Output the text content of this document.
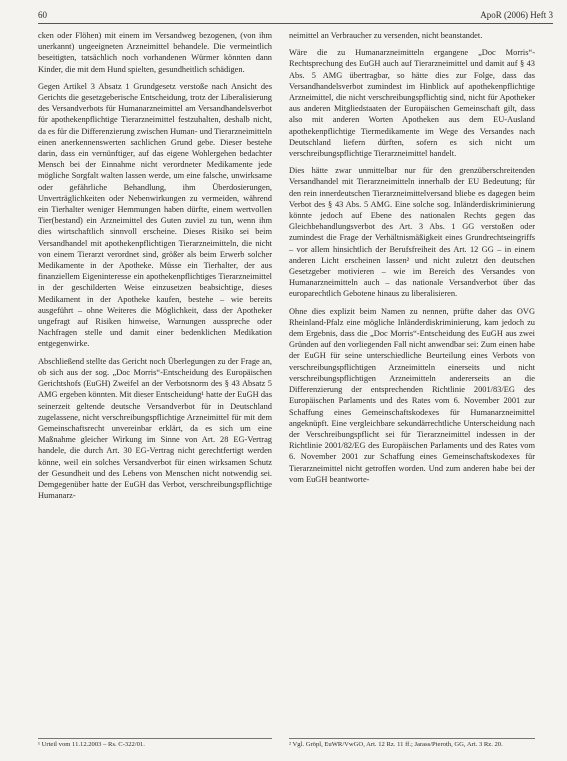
60	ApoR (2006) Heft 3

cken oder Flöhen) mit einem im Versandweg bezogenen, (von ihm unerkannt) ungeeigneten Arzneimittel behandele. Die vermeintlich beseitigten, tatsächlich noch vorhandenen Würmer könnten dann Kinder, die mit dem Hund spielten, gesundheitlich schädigen.

Gegen Artikel 3 Absatz 1 Grundgesetz verstoße nach Ansicht des Gerichts die gesetzgeberische Entscheidung, trotz der Liberalisierung des Versandverbots für Humanarzneimittel am Versandhandelsverbot für apothekenpflichtige Tierarzneimittel festzuhalten, deshalb nicht, da es für die Differenzierung zwischen Human- und Tierarzneimitteln einen anerkennenswerten sachlichen Grund gebe. Dieser bestehe darin, dass ein vernünftiger, auf das eigene Wohlergehen bedachter Mensch bei der Einnahme nicht verordneter Medikamente jede mögliche Sorgfalt walten lassen werde, um eine falsche, unwirksame oder gefährliche Behandlung, ihm Überdosierungen, Unverträglichkeiten oder Nebenwirkungen zu vermeiden, während ein Tierhalter weniger Hemmungen haben dürfte, einem wertvollen Tier(bestand) ein Arzneimittel des Guten zuviel zu tun, wenn ihm dies wirtschaftlich sinnvoll erscheine. Dieses Risiko sei beim Versandhandel mit apothekenpflichtigen Tierarzneimitteln, die nicht von einem Tierarzt verordnet sind, größer als beim Erwerb solcher Medikamente in der Apotheke. Müsse ein Tierhalter, der aus finanziellem Eigeninteresse ein apothekenpflichtiges Tierarzneimittel in der geschilderten Weise einzusetzen beabsichtige, dieses Medikament in der Apotheke kaufen, bestehe – wie bereits ausgeführt – ohne Weiteres die Möglichkeit, dass der Apotheker ungefragt auf Risiken hinweise, Warnungen ausspreche oder Nachfragen stelle und damit einer bedenklichen Medikation entgegenwirke.

Abschließend stellte das Gericht noch Überlegungen zu der Frage an, ob sich aus der sog. „Doc Morris“-Entscheidung des Europäischen Gerichtshofs (EuGH) Zweifel an der Verbotsnorm des § 43 Absatz 5 AMG ergeben könnten. Mit dieser Entscheidung¹ hatte der EuGH das seinerzeit geltende deutsche Versandverbot für in Deutschland zugelassene, nicht verschreibungspflichtige Arzneimittel für mit dem Gemeinschaftsrecht unvereinbar erklärt, da es sich um eine Maßnahme gleicher Wirkung im Sinne von Art. 28 EG-Vertrag handele, die durch Art. 30 EG-Vertrag nicht gerechtfertigt werden könne, weil ein solches Versandverbot für einen wirksamen Schutz der Gesundheit und des Lebens von Menschen nicht notwendig sei. Demgegenüber hatte der EuGH das Verbot, verschreibungspflichtige Humanarz-

neimittel an Verbraucher zu versenden, nicht beanstandet.

Wäre die zu Humanarzneimitteln ergangene „Doc Morris“-Rechtsprechung des EuGH auch auf Tierarzneimittel und damit auf § 43 Abs. 5 AMG übertragbar, so hätte dies zur Folge, dass das Versandhandelsverbot zumindest im Hinblick auf apothekenpflichtige Arzneimittel, die nicht verschreibungspflichtig sind, nicht für Apotheker aus anderen Mitgliedstaaten der Europäischen Gemeinschaft gilt, dass also mit anderen Worten Apotheken aus dem EU-Ausland apothekenpflichtige Tiermedikamente im Wege des Versandes nach Deutschland liefern dürften, sofern es sich nicht um verschreibungspflichtige Tierarzneimittel handelt.

Dies hätte zwar unmittelbar nur für den grenzüberschreitenden Versandhandel mit Tierarzneimitteln innerhalb der EU Bedeutung; für den rein innerdeutschen Tierarzneimittelversand bliebe es dagegen beim Verbot des § 43 Abs. 5 AMG. Eine solche sog. Inländerdiskriminierung könnte jedoch auf Ebene des nationalen Rechts gegen das Gleichbehandlungsverbot des Art. 3 Abs. 1 GG verstoßen oder zumindest die Frage der Verhältnismäßigkeit eines Grundrechtseingriffs – vor allem hinsichtlich der Berufsfreiheit des Art. 12 GG – in einem anderen Licht erscheinen lassen² und nicht zuletzt den deutschen Gesetzgeber motivieren – wie im Bereich des Versandes von Humanarzneimitteln auch – das nationale Versandverbot über das europarechtlich Gebotene hinaus zu liberalisieren.

Ohne dies explizit beim Namen zu nennen, prüfte daher das OVG Rheinland-Pfalz eine mögliche Inländerdiskriminierung, kam jedoch zu dem Ergebnis, dass die „Doc Morris“-Entscheidung des EuGH aus zwei Gründen auf den vorliegenden Fall nicht anwendbar sei: Zum einen habe der EuGH für seine unterschiedliche Beurteilung eines Verbots von verschreibungspflichtigen Arzneimitteln einerseits und nicht verschreibungspflichtigen Arzneimitteln andererseits an die Differenzierung der entsprechenden Richtlinie 2001/83/EG des Europäischen Parlaments und des Rates vom 6. November 2001 zur Schaffung eines Gemeinschaftskodexes für Humanarzneimittel angeknüpft. Eine vergleichbare sekundärrechtliche Unterscheidung nach der Verschreibungspflicht sei für Tierarzneimittel indessen in der Richtlinie 2001/82/EG des Europäischen Parlaments und des Rates vom 6. November 2001 zur Schaffung eines Gemeinschaftskodexes für Tierarzneimittel nicht getroffen worden. Und zum anderen habe bei der vom EuGH beantworte-

¹ Urteil vom 11.12.2003 – Rs. C-322/01.	² Vgl. Gröpl, EuWR/VwGO, Art. 12 Rz. 11 ff.; Jarass/Pieroth, GG, Art. 3 Rz. 20.
